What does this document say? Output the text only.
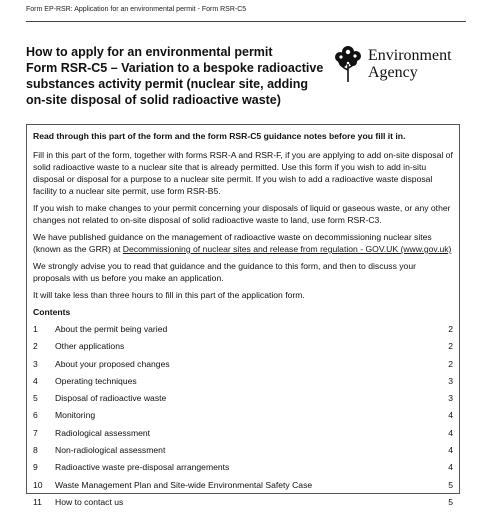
Form EP-RSR: Application for an environmental permit - Form RSR-C5

How to apply for an environmental permit

Form RSR-C5 – Variation to a bespoke radioactive substances activity permit (nuclear site, adding on-site disposal of solid radioactive waste)

Environment
Agency

Read through this part of the form and the form RSR-C5 guidance notes before you fill it in.

Fill in this part of the form, together with forms RSR-A and RSR-F, if you are applying to add on-site disposal of solid radioactive waste to a nuclear site that is already permitted. Use this form if you wish to add in-situ disposal or disposal for a purpose to a nuclear site permit. If you wish to add a radioactive waste disposal facility to a nuclear site permit, use form RSR-B5.

If you wish to make changes to your permit concerning your disposals of liquid or gaseous waste, or any other changes not related to on-site disposal of solid radioactive waste to land, use form RSR-C3.

We have published guidance on the management of radioactive waste on decommissioning nuclear sites (known as the GRR) at Decommissioning of nuclear sites and release from regulation - GOV.UK (www.gov.uk)

We strongly advise you to read that guidance and the guidance to this form, and then to discuss your proposals with us before you make an application.

It will take less than three hours to fill in this part of the application form.

Contents

1	About the permit being varied	2
2	Other applications	2
3	About your proposed changes	2
4	Operating techniques	3
5	Disposal of radioactive waste	3
6	Monitoring	4
7	Radiological assessment	4
8	Non-radiological assessment	4
9	Radioactive waste pre-disposal arrangements	4
10	Waste Management Plan and Site-wide Environmental Safety Case	5
11	How to contact us	5
